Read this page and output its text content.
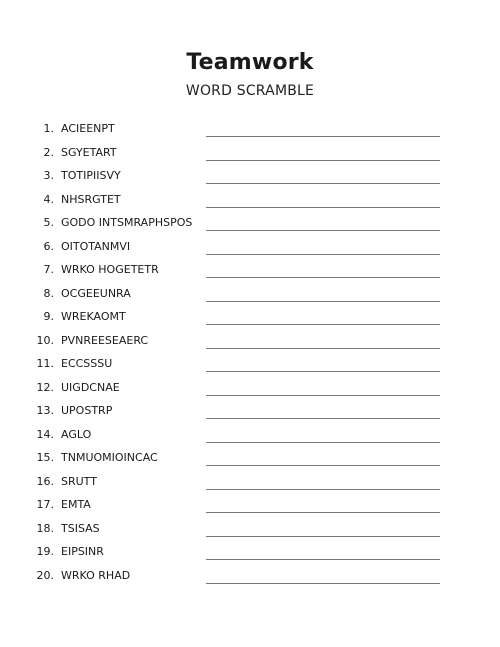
Teamwork
WORD SCRAMBLE
1. ACIEENPT
2. SGYETART
3. TOTIPIISVY
4. NHSRGTET
5. GODO INTSMRAPHSPOS
6. OITOTANMVI
7. WRKO HOGETETR
8. OCGEEUNRA
9. WREKAOMT
10. PVNREESEAERC
11. ECCSSSU
12. UIGDCNAE
13. UPOSTRP
14. AGLO
15. TNMUOMIOINCAC
16. SRUTT
17. EMTA
18. TSISAS
19. EIPSINR
20. WRKO RHAD
